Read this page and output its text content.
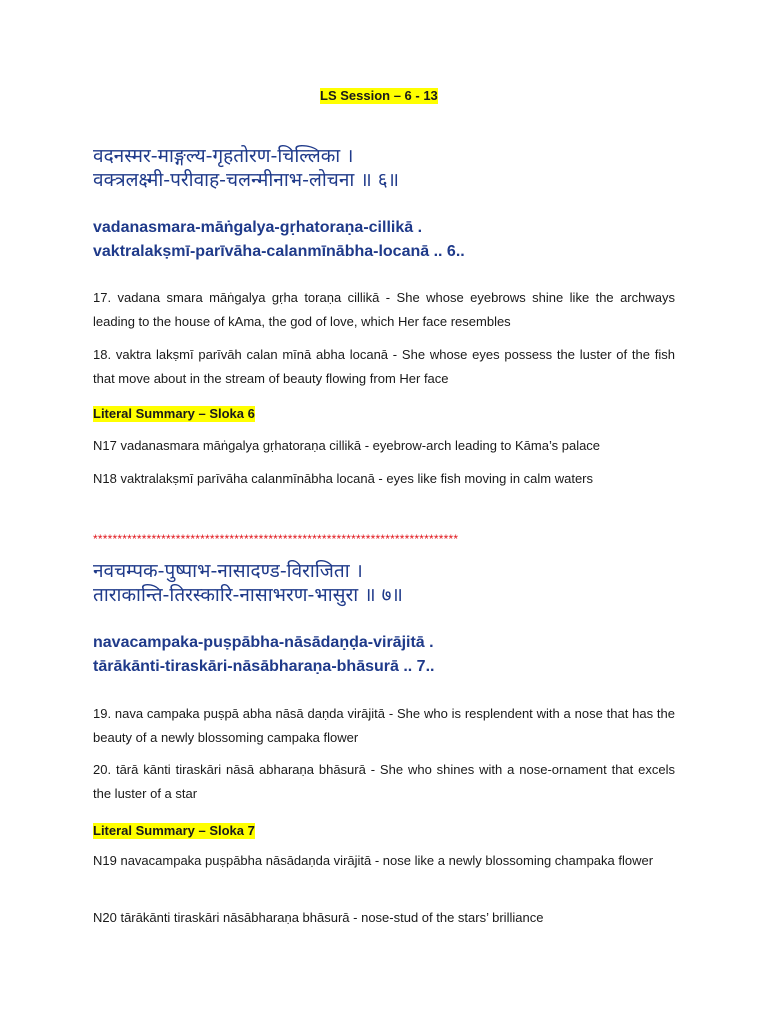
LS Session – 6 - 13
वदनस्मर-माङ्गल्य-गृहतोरण-चिल्लिका ।
वक्त्रलक्ष्मी-परीवाह-चलन्मीनाभ-लोचना ॥ ६॥
vadanasmara-māṅgalya-gṛhatoraṇa-cillikā .
vaktralakṣmī-parīvāha-calanmīnābha-locanā .. 6..
17. vadana smara māṅgalya gṛha toraṇa cillikā - She whose eyebrows shine like the archways leading to the house of kAma, the god of love, which Her face resembles
18. vaktra lakṣmī parīvāh calan mīnā abha locanā - She whose eyes possess the luster of the fish that move about in the stream of beauty flowing from Her face
Literal Summary – Sloka 6
N17 vadanasmara māṅgalya gṛhatoraṇa cillikā - eyebrow-arch leading to Kāma’s palace
N18 vaktralakṣmī parīvāha calanmīnābha locanā - eyes like fish moving in calm waters
***************************************************************************
नवचम्पक-पुष्पाभ-नासादण्ड-विराजिता ।
ताराकान्ति-तिरस्कारि-नासाभरण-भासुरा ॥ ७॥
navacampaka-puṣpābha-nāsādaṇḍa-virājitā .
tārākānti-tiraskāri-nāsābharaṇa-bhāsurā .. 7..
19. nava campaka puṣpā abha nāsā daṇda virājitā - She who is resplendent with a nose that has the beauty of a newly blossoming campaka flower
20. tārā kānti tiraskāri nāsā abharaṇa bhāsurā - She who shines with a nose-ornament that excels the luster of a star
Literal Summary – Sloka 7
N19 navacampaka puṣpābha nāsādaṇda virājitā - nose like a newly blossoming champaka flower
N20 tārākānti tiraskāri nāsābharaṇa bhāsurā - nose-stud of the stars’ brilliance
